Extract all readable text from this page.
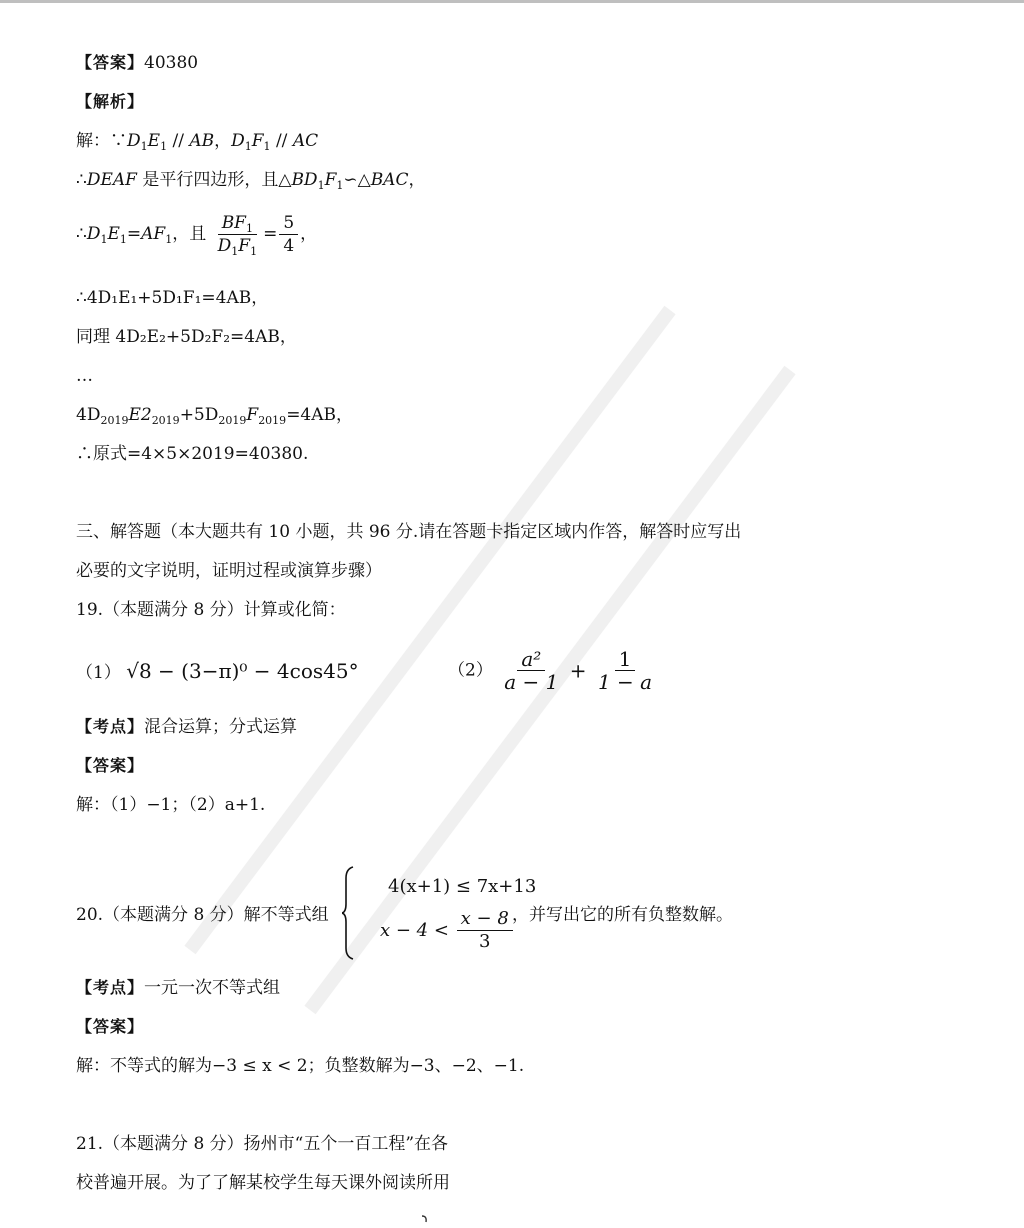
【答案】40380
【解析】
解：$\because D_1E_1$ // AB，$D_1F_1$ // AC
∴DEAF 是平行四边形，且$\triangle BD_1F_1∽\triangle BAC$，
$\therefore D_1E_1=AF_1$，且 $\frac{BF_1}{D_1F_1} = \frac{5}{4}$ ，
∴4D₁E₁+5D₁F₁=4AB，
同理 4D₂E₂+5D₂F₂=4AB，
…
$4D_{2019}E2_{2019}+5D_{2019}F_{2019}=4AB$，
∴原式=4×5×2019=40380.
三、解答题（本大题共有 10 小题，共 96 分.请在答题卡指定区域内作答，解答时应写出
必要的文字说明，证明过程或演算步骤）
19.（本题满分 8 分）计算或化简：
（1） √8 − (3−π)⁰ − 4cos45°	$(2) \frac{\text{a²}}{a - 1} + \frac{1}{1 - a}$
【考点】混合运算；分式运算
【答案】
解：（1）−1；（2）a+1.
20.（本题满分 8 分）解不等式组
4(x+1) ≤ 7x+13
$x - 4 < \frac{x - 8}{3}$ ，并写出它的所有负整数解。
【考点】一元一次不等式组
【答案】
解：不等式的解为−3 ≤ x < 2；负整数解为−3、−2、−1.
21.（本题满分 8 分）扬州市“五个一百工程”在各
校普遍开展。为了了解某校学生每天课外阅读所用
